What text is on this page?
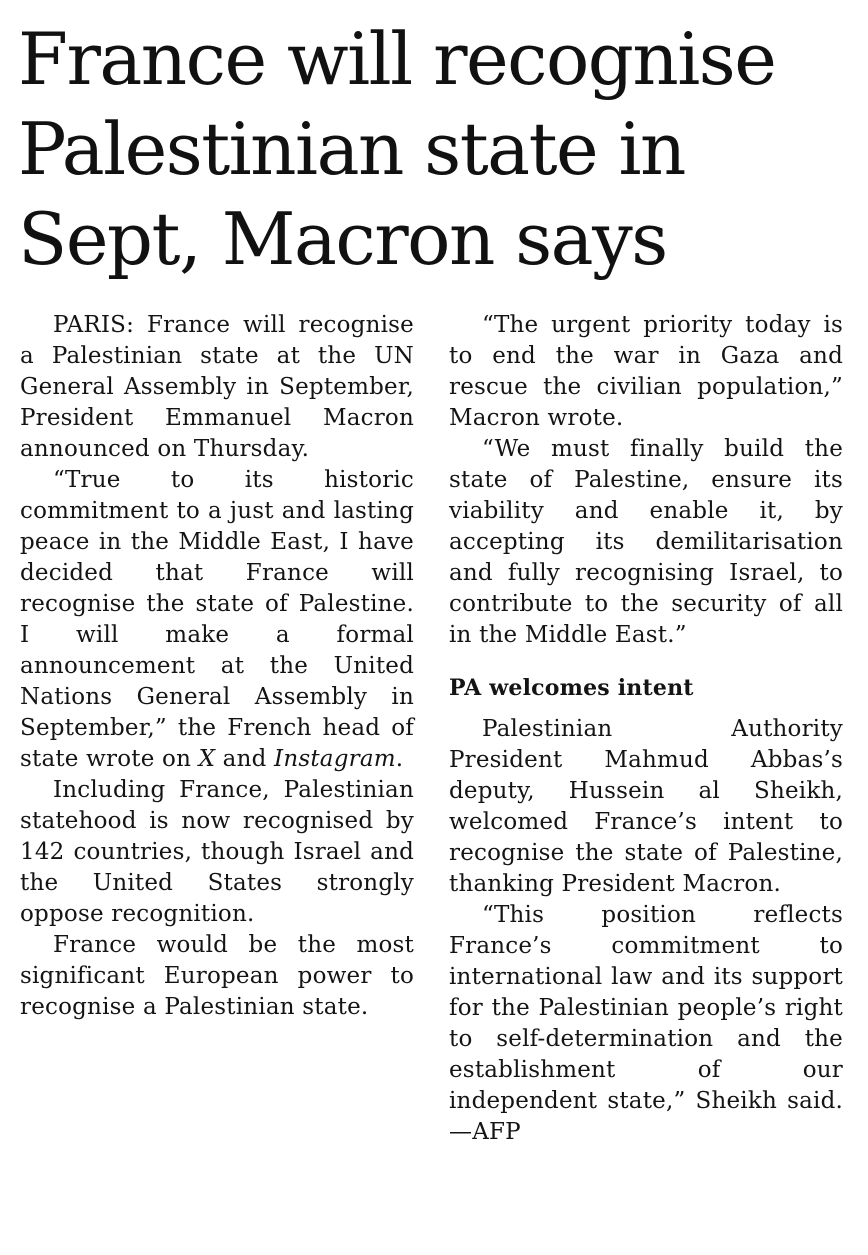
France will recognise Palestinian state in Sept, Macron says

PARIS: France will recognise a Palestinian state at the UN General Assembly in September, President Emmanuel Macron announced on Thursday.

“True to its historic commitment to a just and lasting peace in the Middle East, I have decided that France will recognise the state of Palestine. I will make a formal announcement at the United Nations General Assembly in September,” the French head of state wrote on X and Instagram.

Including France, Palestinian statehood is now recognised by 142 countries, though Israel and the United States strongly oppose recognition.

France would be the most significant European power to recognise a Palestinian state.

“The urgent priority today is to end the war in Gaza and rescue the civilian population,” Macron wrote.

“We must finally build the state of Palestine, ensure its viability and enable it, by accepting its demilitarisation and fully recognising Israel, to contribute to the security of all in the Middle East.”

PA welcomes intent

Palestinian Authority President Mahmud Abbas’s deputy, Hussein al Sheikh, welcomed France’s intent to recognise the state of Palestine, thanking President Macron.

“This position reflects France’s commitment to international law and its support for the Palestinian people’s right to self-determination and the establishment of our independent state,” Sheikh said.—AFP
